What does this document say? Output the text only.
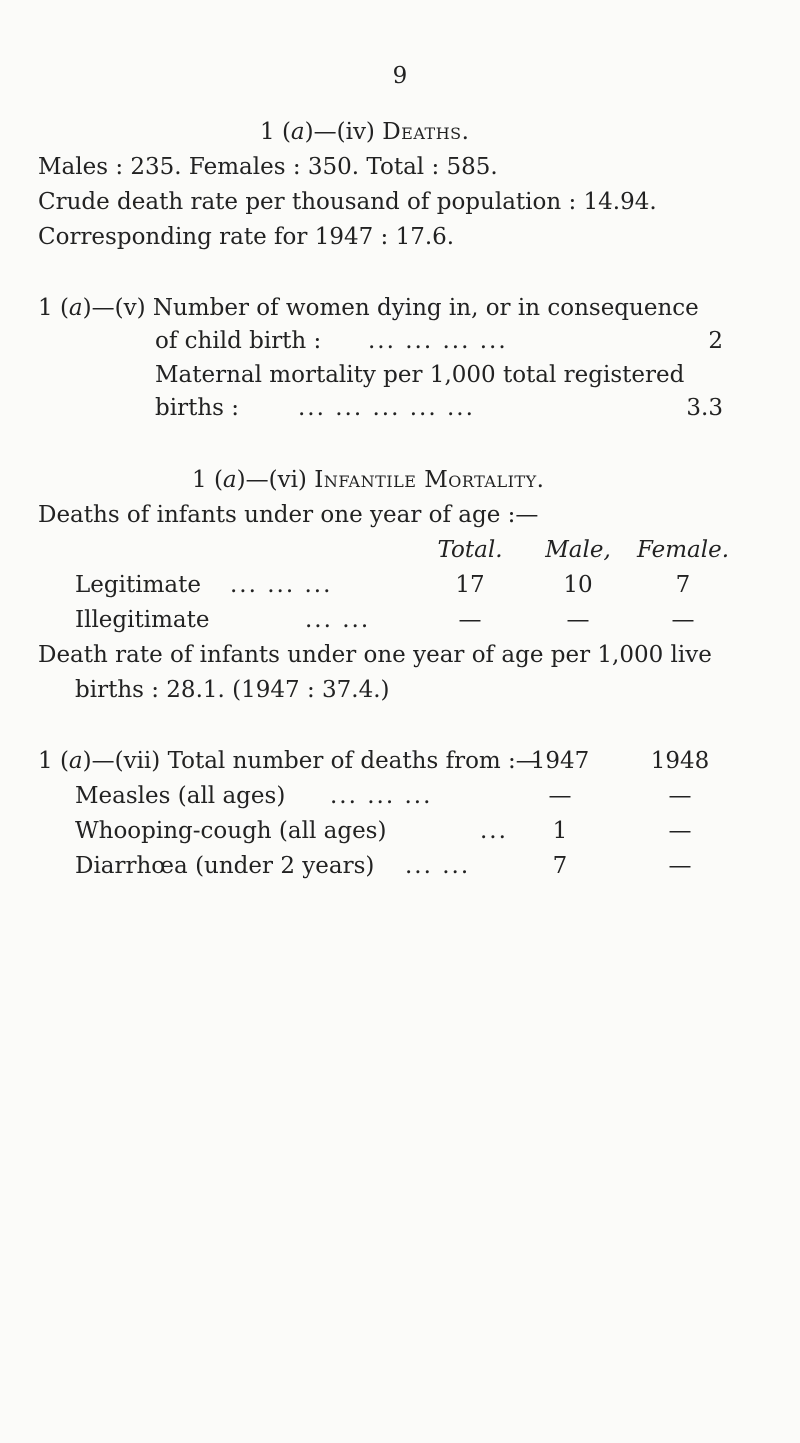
9
1 (a)—(iv) Deaths.
Males : 235. Females : 350. Total : 585.
Crude death rate per thousand of population : 14.94.
Corresponding rate for 1947 : 17.6.
1 (a)—(v) Number of women dying in, or in consequence
of child birth : ... ... ... ...	2
Maternal mortality per 1,000 total registered
births :	... ... ... ... ...	3.3
1 (a)—(vi) Infantile Mortality.
Deaths of infants under one year of age :—
Total.	Male,	Female.
Legitimate ... ... ...	17	10	7
Illegitimate	... ...	—	—	—
Death rate of infants under one year of age per 1,000 live
births : 28.1. (1947 : 37.4.)
1 (a)—(vii) Total number of deaths from :—
1947	1948
Measles (all ages) ... ... ...	—	—
Whooping-cough (all ages)	...	1	—
Diarrhœa (under 2 years) ... ...	7	—
